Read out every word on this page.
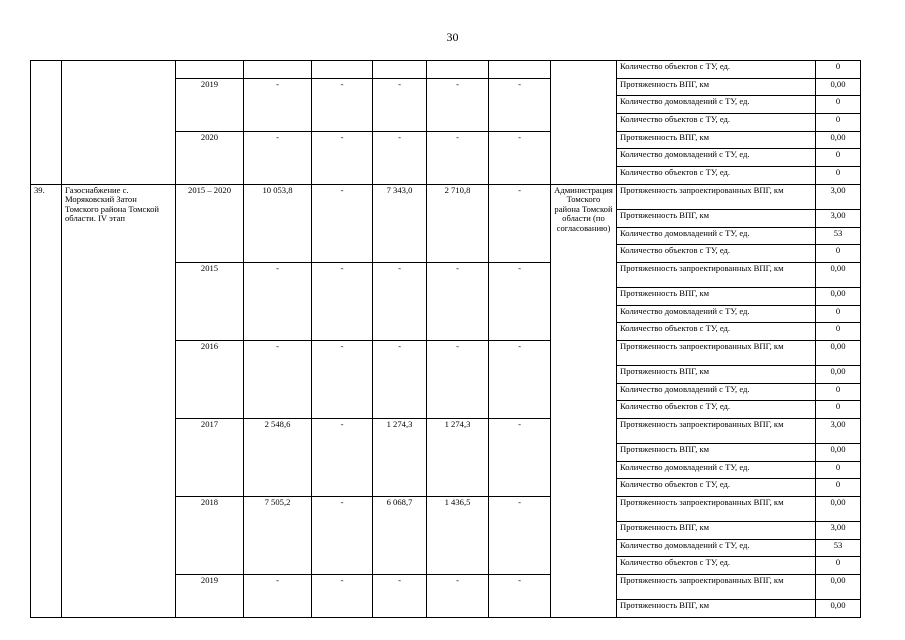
30
									Количество объектов с ТУ, ед.	0
		2019	-	-	-	-	-		Протяженность ВПГ, км	0,00
									Количество домовладений с ТУ, ед.	0
									Количество объектов с ТУ, ед.	0
		2020	-	-	-	-	-		Протяженность ВПГ, км	0,00
									Количество домовладений с ТУ, ед.	0
									Количество объектов с ТУ, ед.	0
39.	Газоснабжение с. Моряковский Затон Томского района Томской области. IV этап	2015 – 2020	10 053,8	-	7 343,0	2 710,8	-	Администрация Томского района Томской области (по согласованию)	Протяженность запроектированных ВПГ, км	3,00
									Протяженность ВПГ, км	3,00
									Количество домовладений с ТУ, ед.	53
									Количество объектов с ТУ, ед.	0
		2015	-	-	-	-	-		Протяженность запроектированных ВПГ, км	0,00
									Протяженность ВПГ, км	0,00
									Количество домовладений с ТУ, ед.	0
									Количество объектов с ТУ, ед.	0
		2016	-	-	-	-	-		Протяженность запроектированных ВПГ, км	0,00
									Протяженность ВПГ, км	0,00
									Количество домовладений с ТУ, ед.	0
									Количество объектов с ТУ, ед.	0
		2017	2 548,6	-	1 274,3	1 274,3	-		Протяженность запроектированных ВПГ, км	3,00
									Протяженность ВПГ, км	0,00
									Количество домовладений с ТУ, ед.	0
									Количество объектов с ТУ, ед.	0
		2018	7 505,2	-	6 068,7	1 436,5	-		Протяженность запроектированных ВПГ, км	0,00
									Протяженность ВПГ, км	3,00
									Количество домовладений с ТУ, ед.	53
									Количество объектов с ТУ, ед.	0
		2019	-	-	-	-	-		Протяженность запроектированных ВПГ, км	0,00
									Протяженность ВПГ, км	0,00
